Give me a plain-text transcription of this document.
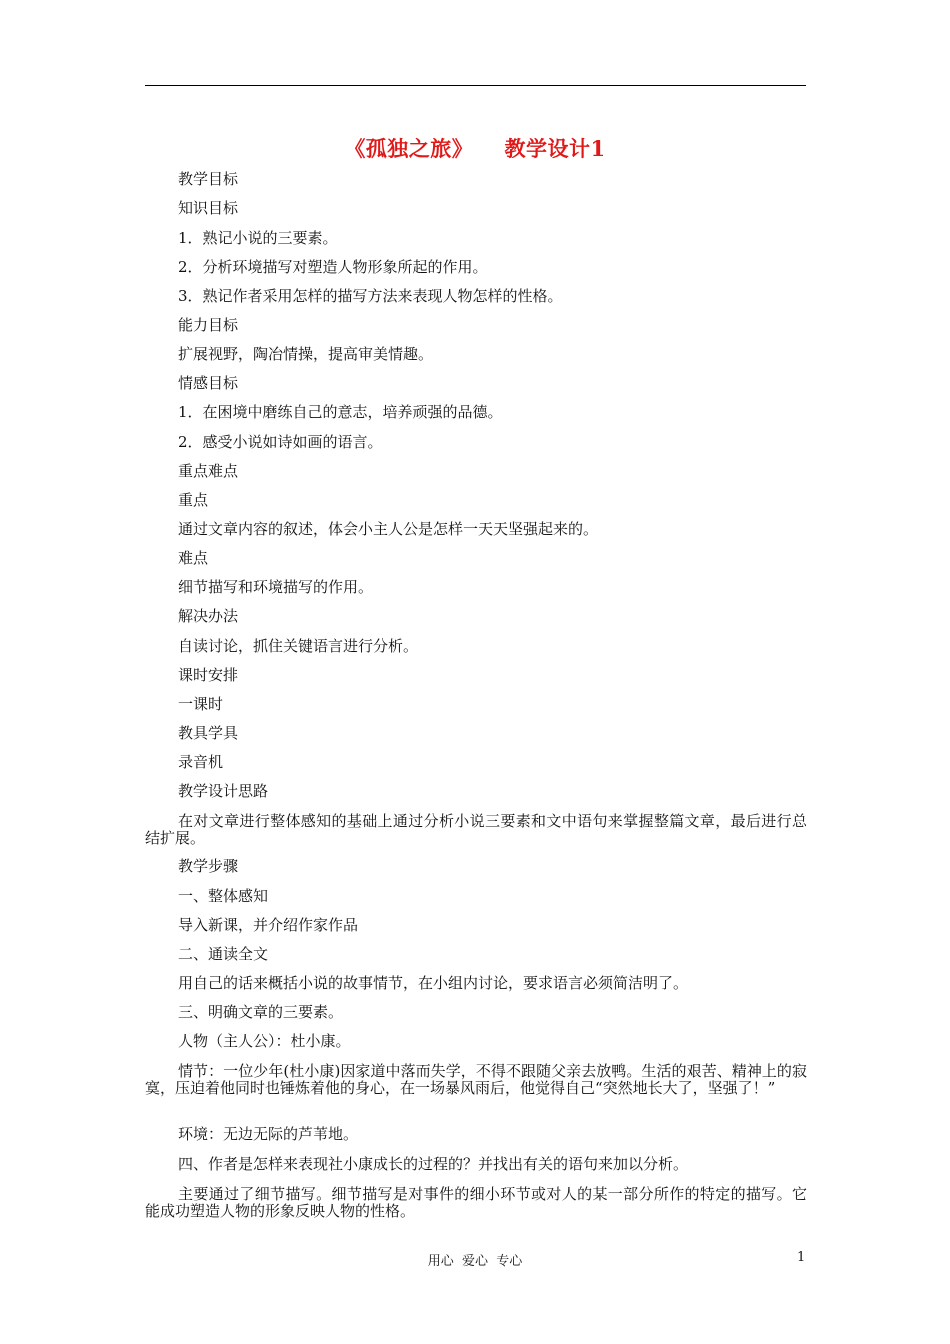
《孤独之旅》    教学设计1
教学目标
知识目标
1．熟记小说的三要素。
2．分析环境描写对塑造人物形象所起的作用。
3．熟记作者采用怎样的描写方法来表现人物怎样的性格。
能力目标
扩展视野，陶冶情操，提高审美情趣。
情感目标
1．在困境中磨练自己的意志，培养顽强的品德。
2．感受小说如诗如画的语言。
重点难点
重点
通过文章内容的叙述，体会小主人公是怎样一天天坚强起来的。
难点
细节描写和环境描写的作用。
解决办法
自读讨论，抓住关键语言进行分析。
课时安排
一课时
教具学具
录音机
教学设计思路
在对文章进行整体感知的基础上通过分析小说三要素和文中语句来掌握整篇文章，最后进行总结扩展。
教学步骤
一、整体感知
导入新课，并介绍作家作品
二、通读全文
用自己的话来概括小说的故事情节，在小组内讨论，要求语言必须简洁明了。
三、明确文章的三要素。
人物（主人公）：杜小康。
情节：一位少年(杜小康)因家道中落而失学，不得不跟随父亲去放鸭。生活的艰苦、精神上的寂寞，压迫着他同时也锤炼着他的身心，在一场暴风雨后，他觉得自己“突然地长大了，坚强了！”
环境：无边无际的芦苇地。
四、作者是怎样来表现社小康成长的过程的？并找出有关的语句来加以分析。
主要通过了细节描写。细节描写是对事件的细小环节或对人的某一部分所作的特定的描写。它能成功塑造人物的形象反映人物的性格。
用心  爱心  专心	1
